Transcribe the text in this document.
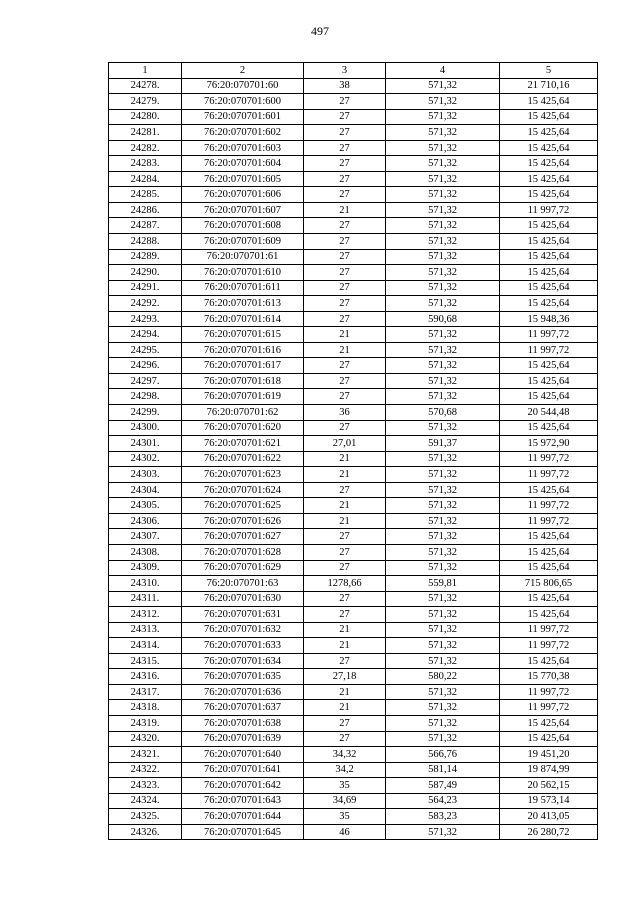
497
1	2	3	4	5
24278.	76:20:070701:60	38	571,32	21 710,16
24279.	76:20:070701:600	27	571,32	15 425,64
24280.	76:20:070701:601	27	571,32	15 425,64
24281.	76:20:070701:602	27	571,32	15 425,64
24282.	76:20:070701:603	27	571,32	15 425,64
24283.	76:20:070701:604	27	571,32	15 425,64
24284.	76:20:070701:605	27	571,32	15 425,64
24285.	76:20:070701:606	27	571,32	15 425,64
24286.	76:20:070701:607	21	571,32	11 997,72
24287.	76:20:070701:608	27	571,32	15 425,64
24288.	76:20:070701:609	27	571,32	15 425,64
24289.	76:20:070701:61	27	571,32	15 425,64
24290.	76:20:070701:610	27	571,32	15 425,64
24291.	76:20:070701:611	27	571,32	15 425,64
24292.	76:20:070701:613	27	571,32	15 425,64
24293.	76:20:070701:614	27	590,68	15 948,36
24294.	76:20:070701:615	21	571,32	11 997,72
24295.	76:20:070701:616	21	571,32	11 997,72
24296.	76:20:070701:617	27	571,32	15 425,64
24297.	76:20:070701:618	27	571,32	15 425,64
24298.	76:20:070701:619	27	571,32	15 425,64
24299.	76:20:070701:62	36	570,68	20 544,48
24300.	76:20:070701:620	27	571,32	15 425,64
24301.	76:20:070701:621	27,01	591,37	15 972,90
24302.	76:20:070701:622	21	571,32	11 997,72
24303.	76:20:070701:623	21	571,32	11 997,72
24304.	76:20:070701:624	27	571,32	15 425,64
24305.	76:20:070701:625	21	571,32	11 997,72
24306.	76:20:070701:626	21	571,32	11 997,72
24307.	76:20:070701:627	27	571,32	15 425,64
24308.	76:20:070701:628	27	571,32	15 425,64
24309.	76:20:070701:629	27	571,32	15 425,64
24310.	76:20:070701:63	1278,66	559,81	715 806,65
24311.	76:20:070701:630	27	571,32	15 425,64
24312.	76:20:070701:631	27	571,32	15 425,64
24313.	76:20:070701:632	21	571,32	11 997,72
24314.	76:20:070701:633	21	571,32	11 997,72
24315.	76:20:070701:634	27	571,32	15 425,64
24316.	76:20:070701:635	27,18	580,22	15 770,38
24317.	76:20:070701:636	21	571,32	11 997,72
24318.	76:20:070701:637	21	571,32	11 997,72
24319.	76:20:070701:638	27	571,32	15 425,64
24320.	76:20:070701:639	27	571,32	15 425,64
24321.	76:20:070701:640	34,32	566,76	19 451,20
24322.	76:20:070701:641	34,2	581,14	19 874,99
24323.	76:20:070701:642	35	587,49	20 562,15
24324.	76:20:070701:643	34,69	564,23	19 573,14
24325.	76:20:070701:644	35	583,23	20 413,05
24326.	76:20:070701:645	46	571,32	26 280,72
